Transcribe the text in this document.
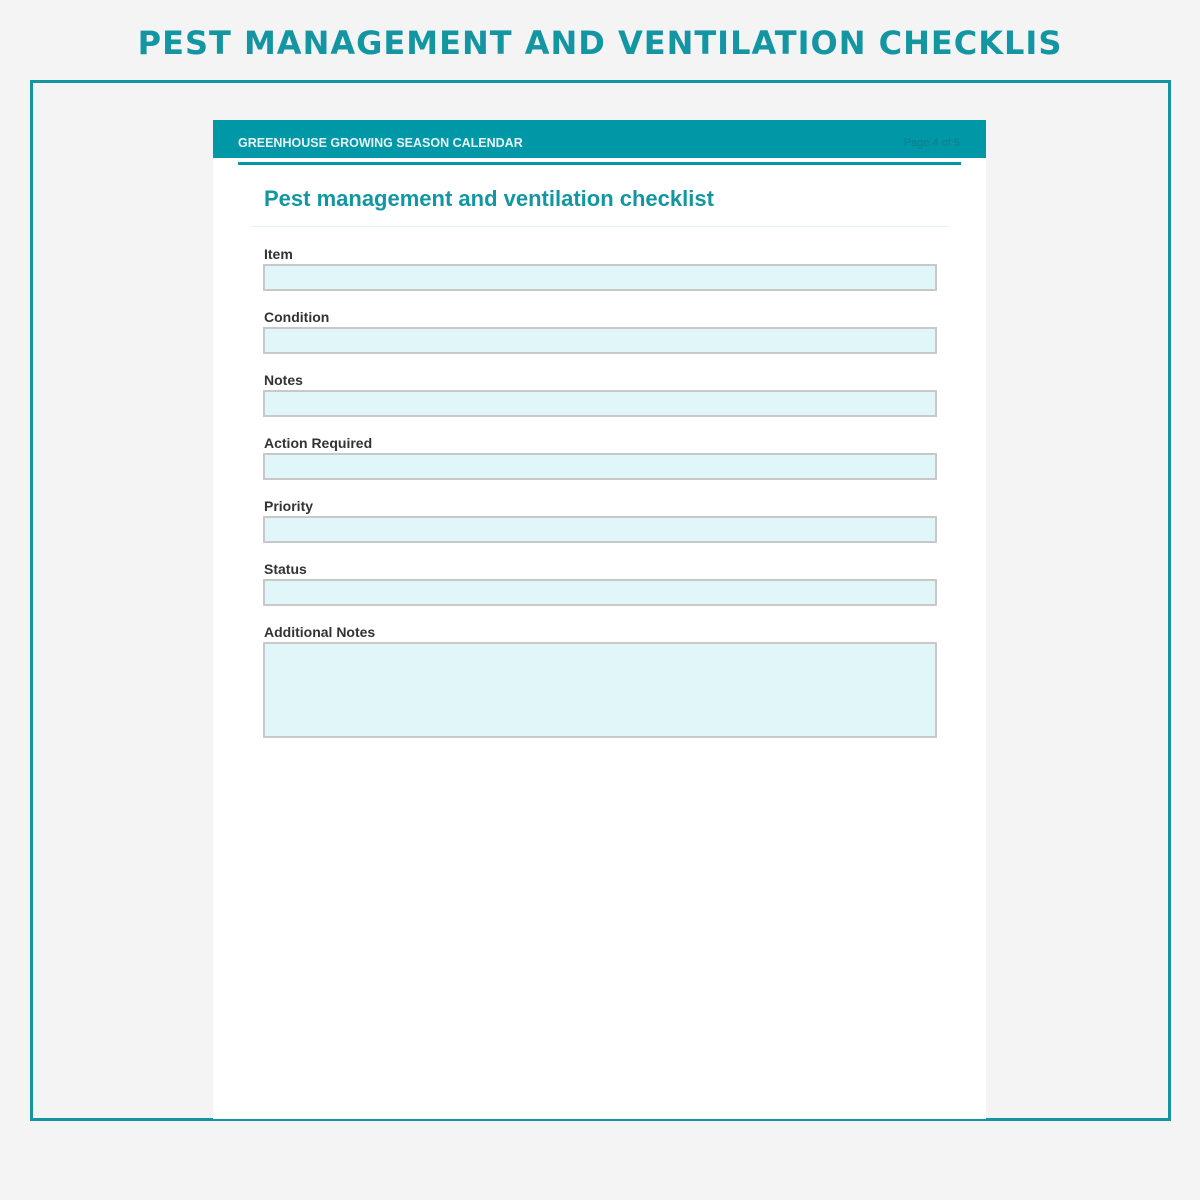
PEST MANAGEMENT AND VENTILATION CHECKLIS
GREENHOUSE GROWING SEASON CALENDAR	Page 4 of 5
Pest management and ventilation checklist
Item
Condition
Notes
Action Required
Priority
Status
Additional Notes
